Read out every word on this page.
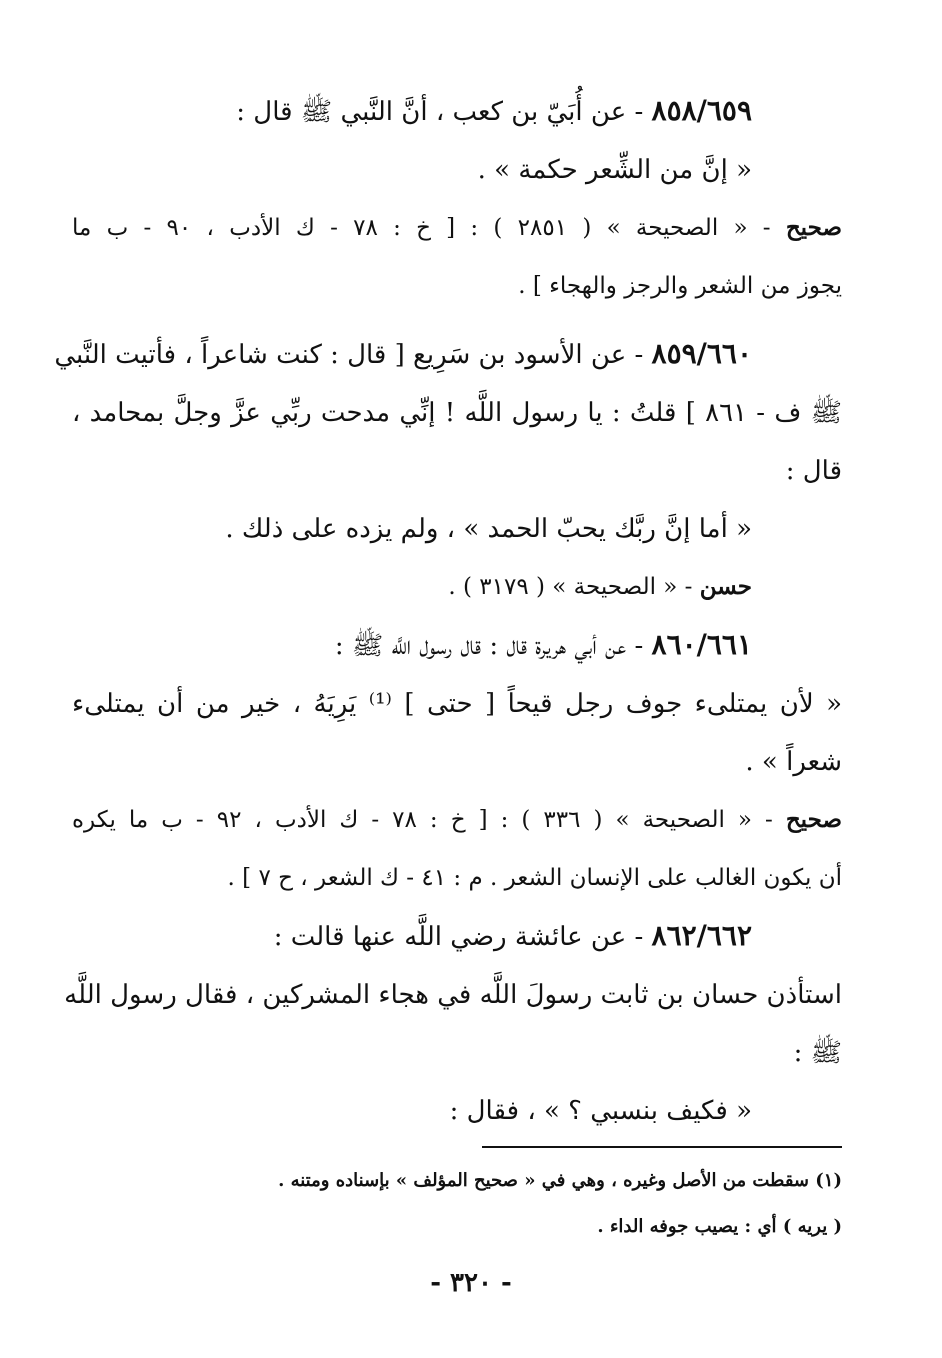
٨٥٨/٦٥٩ - عن أُبَيّ بن كعب ، أنَّ النَّبي ﷺ قال :
« إنَّ من الشِّعر حكمة » .
صحيح - « الصحيحة » ( ٢٨٥١ ) : [ خ : ٧٨ - ك الأدب ، ٩٠ - ب ما
يجوز من الشعر والرجز والهجاء ] .
٨٥٩/٦٦٠ - عن الأسود بن سَرِيع [ قال : كنت شاعراً ، فأتيت النَّبي
ﷺ ف - ٨٦١ ] قلتُ : يا رسول اللَّه ! إنِّي مدحت ربِّي عزَّ وجلَّ بمحامد ،
قال :
« أما إنَّ ربَّك يحبّ الحمد » ، ولم يزده على ذلك .
حسن - « الصحيحة » ( ٣١٧٩ ) .
٨٦٠/٦٦١ - عن أبي هريرة قال : قال رسول اللَّه ﷺ :
« لأن يمتلىء جوف رجل قيحاً [ حتى ] ⁽¹⁾ يَرِيَهُ ، خير من أن يمتلىء
شعراً » .
صحيح - « الصحيحة » ( ٣٣٦ ) : [ خ : ٧٨ - ك الأدب ، ٩٢ - ب ما يكره
أن يكون الغالب على الإنسان الشعر . م : ٤١ - ك الشعر ، ح ٧ ] .
٨٦٢/٦٦٢ - عن عائشة رضي اللَّه عنها قالت :
استأذن حسان بن ثابت رسولَ اللَّه في هجاء المشركين ، فقال رسول اللَّه
ﷺ :
« فكيف بنسبي ؟ » ، فقال :
(١) سقطت من الأصل وغيره ، وهي في « صحيح المؤلف » بإسناده ومتنه .
( يريه ) أي : يصيب جوفه الداء .
- ٣٢٠ -
